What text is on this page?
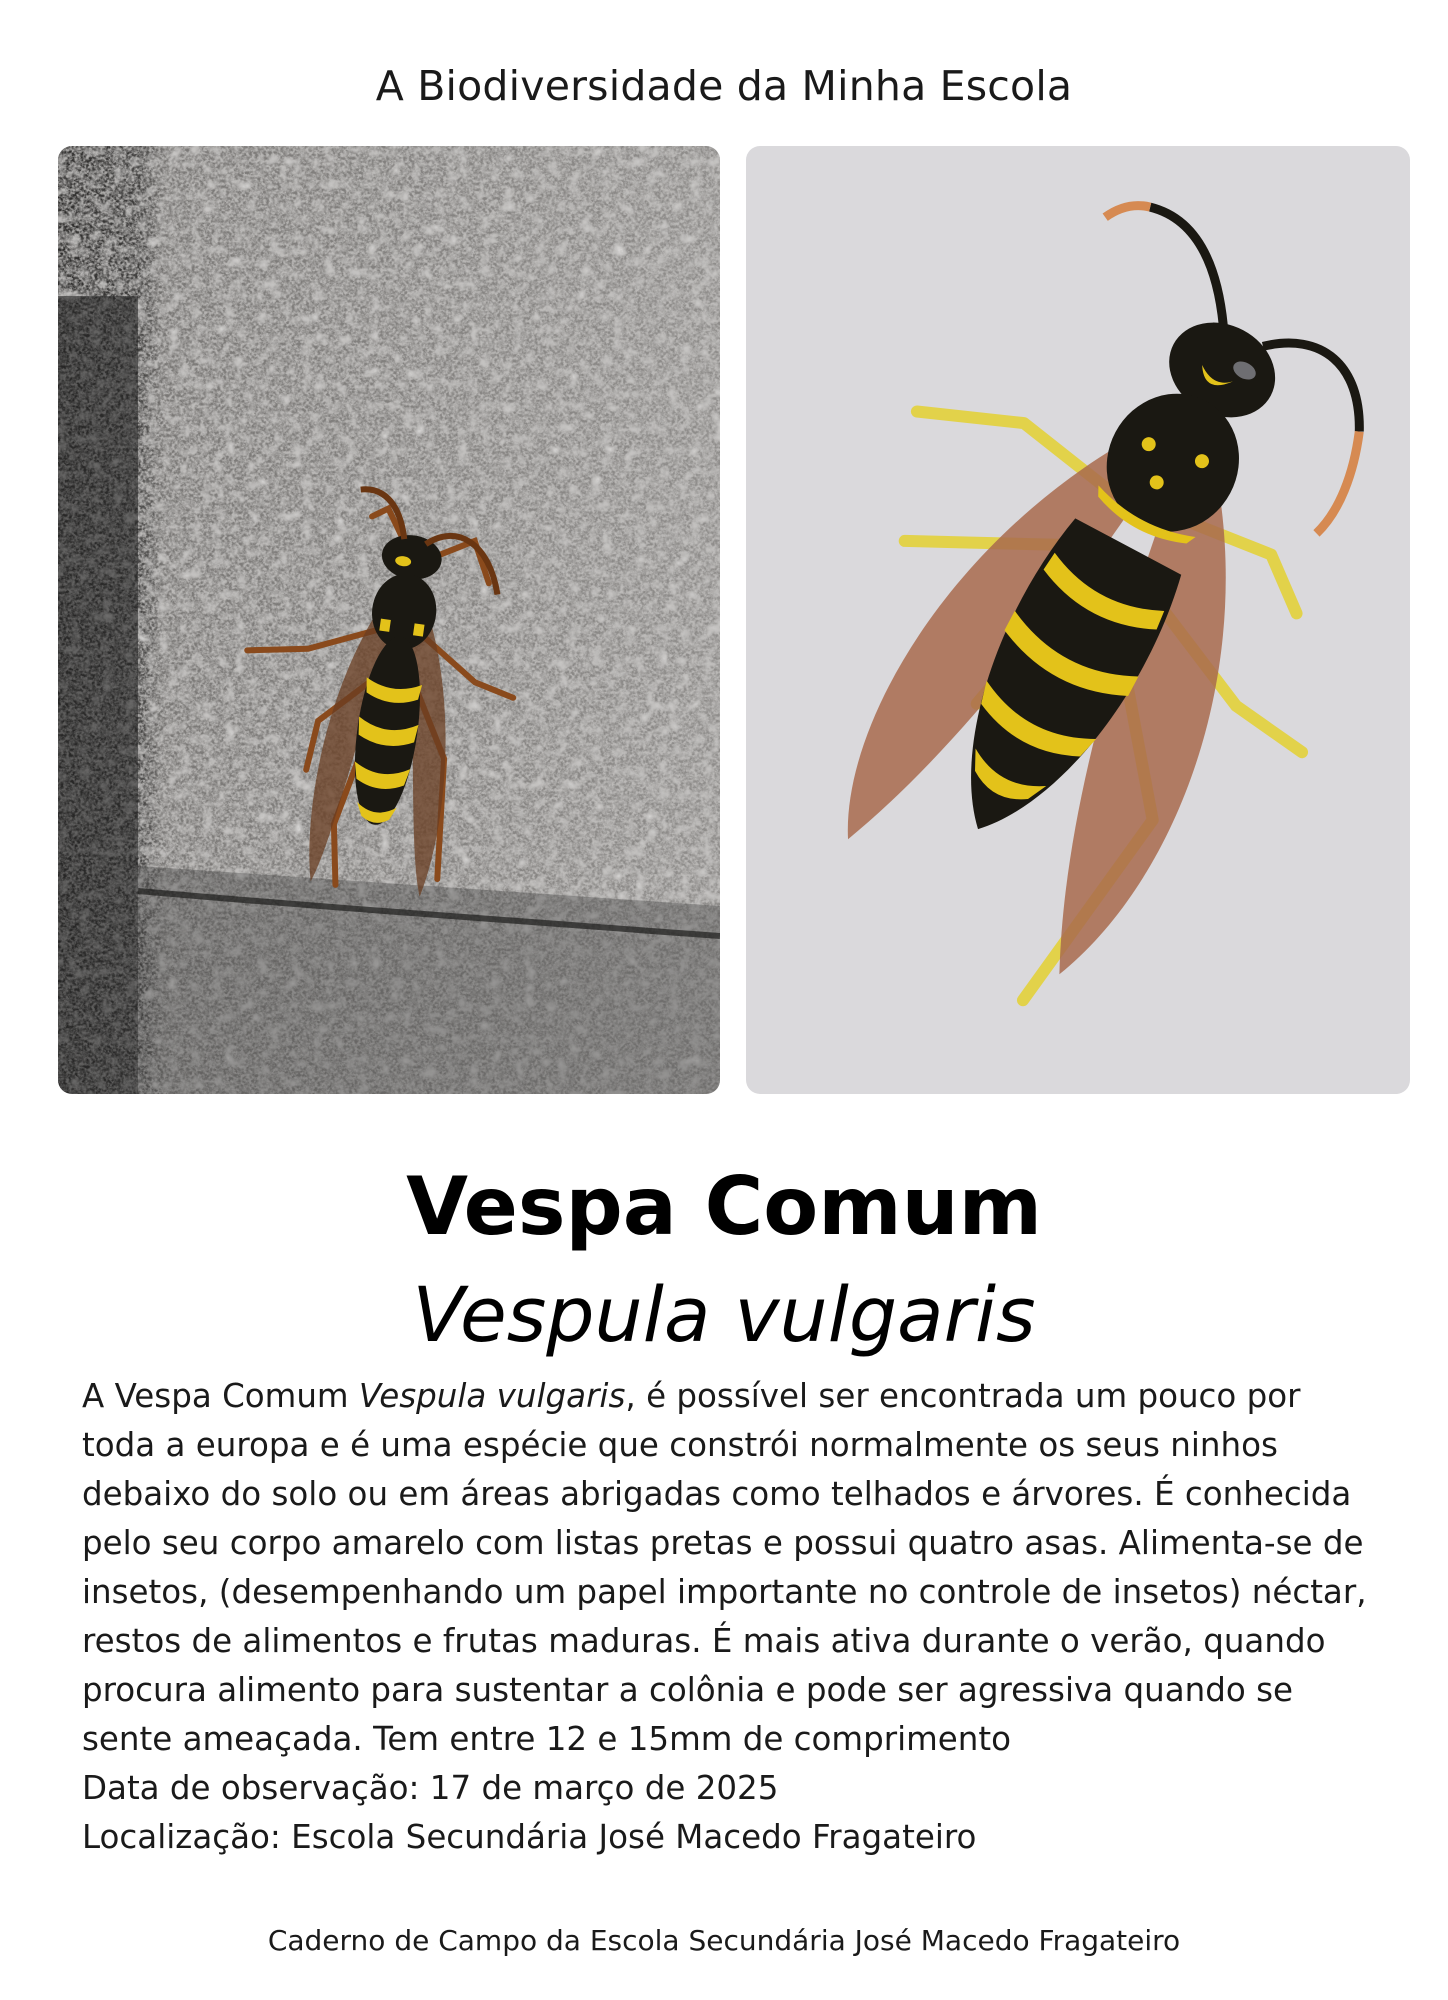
A Biodiversidade da Minha Escola
Vespa Comum
Vespula vulgaris

A Vespa Comum Vespula vulgaris, é possível ser encontrada um pouco por toda a europa e é uma espécie que constrói normalmente os seus ninhos debaixo do solo ou em áreas abrigadas como telhados e árvores. É conhecida pelo seu corpo amarelo com listas pretas e possui quatro asas. Alimenta-se de insetos, (desempenhando um papel importante no controle de insetos) néctar, restos de alimentos e frutas maduras. É mais ativa durante o verão, quando procura alimento para sustentar a colônia e pode ser agressiva quando se sente ameaçada. Tem entre 12 e 15mm de comprimento

Data de observação: 17 de março de 2025

Localização: Escola Secundária José Macedo Fragateiro

Caderno de Campo da Escola Secundária José Macedo Fragateiro
